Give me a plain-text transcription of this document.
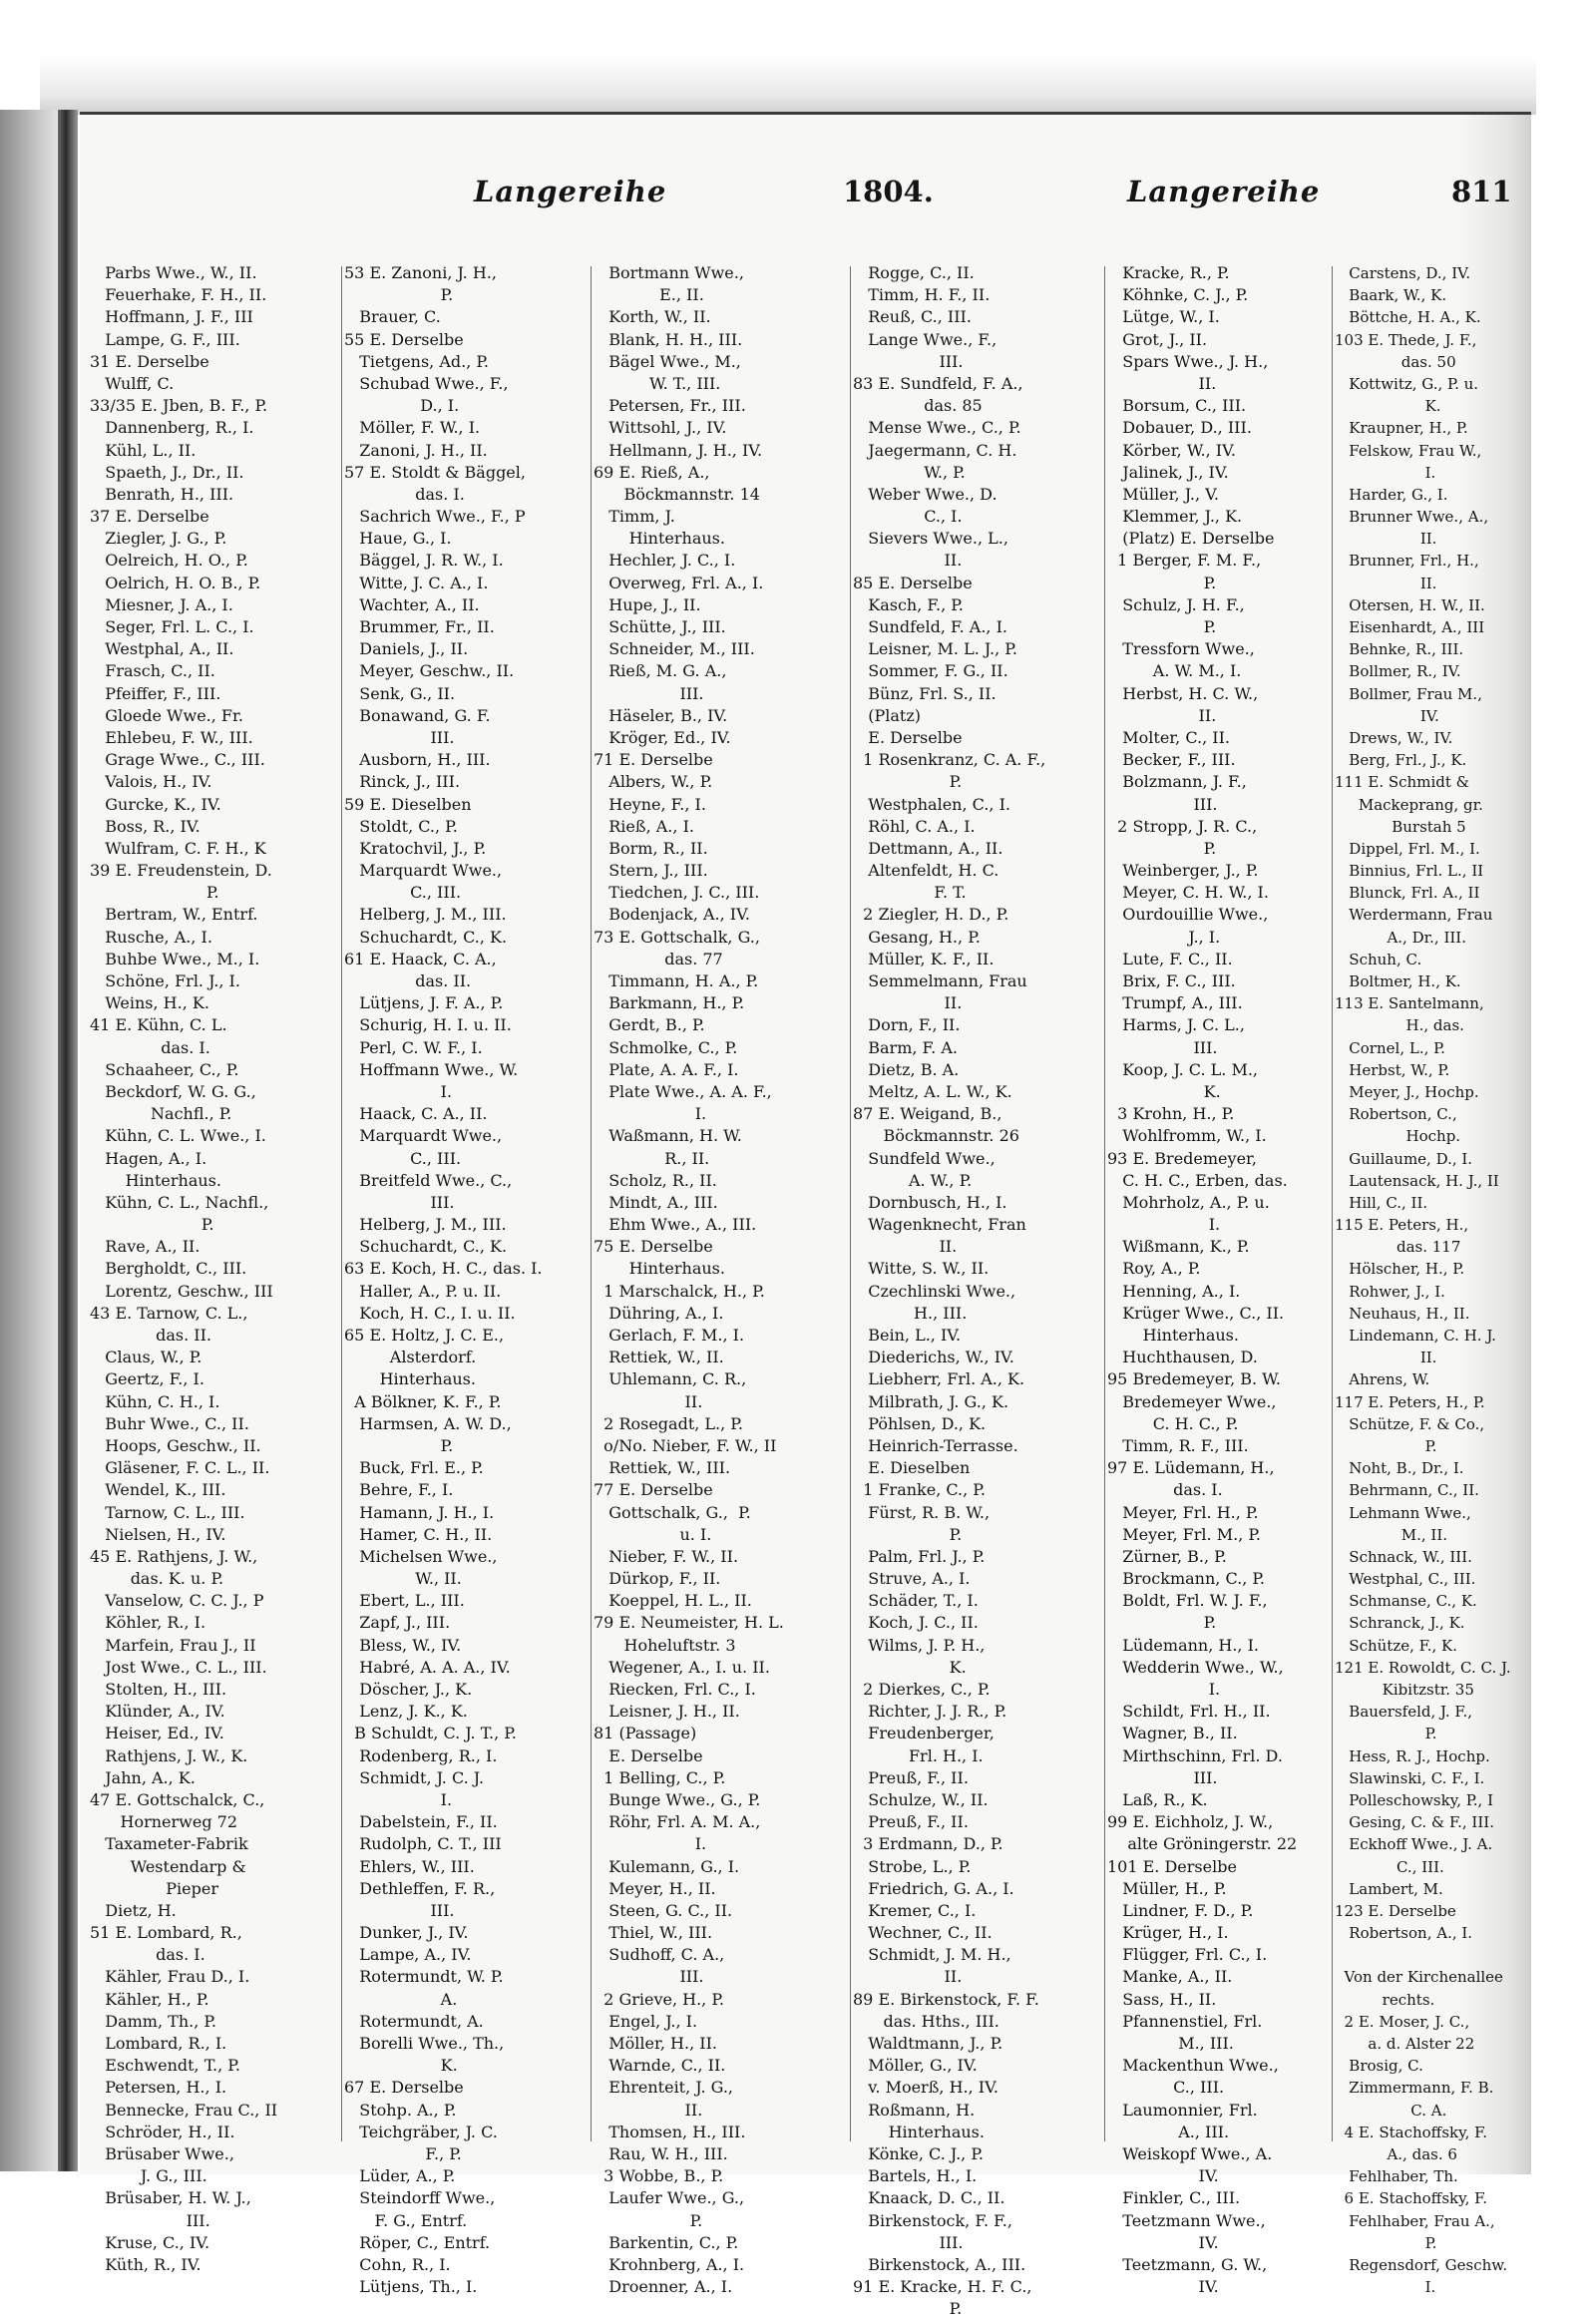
Langereihe	1804.	Langereihe	811
Parbs Wwe., W., II.
Feuerhake, F. H., II.
Hoffmann, J. F., III
Lampe, G. F., III.
31 E. Derselbe
Wulff, C.
33/35 E. Jben, B. F., P.
Dannenberg, R., I.
Kühl, L., II.
Spaeth, J., Dr., II.
Benrath, H., III.
37 E. Derselbe
Ziegler, J. G., P.
Oelreich, H. O., P.
Oelrich, H. O. B., P.
Miesner, J. A., I.
Seger, Frl. L. C., I.
Westphal, A., II.
Frasch, C., II.
Pfeiffer, F., III.
Gloede Wwe., Fr.
Ehlebeu, F. W., III.
Grage Wwe., C., III.
Valois, H., IV.
Gurcke, K., IV.
Boss, R., IV.
Wulfram, C. F. H., K
39 E. Freudenstein, D.
P.
Bertram, W., Entrf.
Rusche, A., I.
Buhbe Wwe., M., I.
Schöne, Frl. J., I.
Weins, H., K.
41 E. Kühn, C. L.
das. I.
Schaaheer, C., P.
Beckdorf, W. G. G.,
Nachfl., P.
Kühn, C. L. Wwe., I.
Hagen, A., I.
Hinterhaus.
Kühn, C. L., Nachfl.,
P.
Rave, A., II.
Bergholdt, C., III.
Lorentz, Geschw., III
43 E. Tarnow, C. L.,
das. II.
Claus, W., P.
Geertz, F., I.
Kühn, C. H., I.
Buhr Wwe., C., II.
Hoops, Geschw., II.
Gläsener, F. C. L., II.
Wendel, K., III.
Tarnow, C. L., III.
Nielsen, H., IV.
45 E. Rathjens, J. W.,
das. K. u. P.
Vanselow, C. C. J., P
Köhler, R., I.
Marfein, Frau J., II
Jost Wwe., C. L., III.
Stolten, H., III.
Klünder, A., IV.
Heiser, Ed., IV.
Rathjens, J. W., K.
Jahn, A., K.
47 E. Gottschalck, C.,
Hornerweg 72
Taxameter-Fabrik
Westendarp &
Pieper
Dietz, H.
51 E. Lombard, R.,
das. I.
Kähler, Frau D., I.
Kähler, H., P.
Damm, Th., P.
Lombard, R., I.
Eschwendt, T., P.
Petersen, H., I.
Bennecke, Frau C., II
Schröder, H., II.
Brüsaber Wwe.,
J. G., III.
Brüsaber, H. W. J.,
III.
Kruse, C., IV.
Küth, R., IV.
53 E. Zanoni, J. H.,
P.
Brauer, C.
55 E. Derselbe
Tietgens, Ad., P.
Schubad Wwe., F.,
D., I.
Möller, F. W., I.
Zanoni, J. H., II.
57 E. Stoldt & Bäggel,
das. I.
Sachrich Wwe., F., P
Haue, G., I.
Bäggel, J. R. W., I.
Witte, J. C. A., I.
Wachter, A., II.
Brummer, Fr., II.
Daniels, J., II.
Meyer, Geschw., II.
Senk, G., II.
Bonawand, G. F.
III.
Ausborn, H., III.
Rinck, J., III.
59 E. Dieselben
Stoldt, C., P.
Kratochvil, J., P.
Marquardt Wwe.,
C., III.
Helberg, J. M., III.
Schuchardt, C., K.
61 E. Haack, C. A.,
das. II.
Lütjens, J. F. A., P.
Schurig, H. I. u. II.
Perl, C. W. F., I.
Hoffmann Wwe., W.
I.
Haack, C. A., II.
Marquardt Wwe.,
C., III.
Breitfeld Wwe., C.,
III.
Helberg, J. M., III.
Schuchardt, C., K.
63 E. Koch, H. C., das. I.
Haller, A., P. u. II.
Koch, H. C., I. u. II.
65 E. Holtz, J. C. E.,
Alsterdorf.
Hinterhaus.
A Bölkner, K. F., P.
Harmsen, A. W. D.,
P.
Buck, Frl. E., P.
Behre, F., I.
Hamann, J. H., I.
Hamer, C. H., II.
Michelsen Wwe.,
W., II.
Ebert, L., III.
Zapf, J., III.
Bless, W., IV.
Habré, A. A. A., IV.
Döscher, J., K.
Lenz, J. K., K.
B Schuldt, C. J. T., P.
Rodenberg, R., I.
Schmidt, J. C. J.
I.
Dabelstein, F., II.
Rudolph, C. T., III
Ehlers, W., III.
Dethleffen, F. R.,
III.
Dunker, J., IV.
Lampe, A., IV.
Rotermundt, W. P.
A.
Rotermundt, A.
Borelli Wwe., Th.,
K.
67 E. Derselbe
Stohp. A., P.
Teichgräber, J. C.
F., P.
Lüder, A., P.
Steindorff Wwe.,
F. G., Entrf.
Röper, C., Entrf.
Cohn, R., I.
Lütjens, Th., I.
Bortmann Wwe.,
E., II.
Korth, W., II.
Blank, H. H., III.
Bägel Wwe., M.,
W. T., III.
Petersen, Fr., III.
Wittsohl, J., IV.
Hellmann, J. H., IV.
69 E. Rieß, A.,
Böckmannstr. 14
Timm, J.
Hinterhaus.
Hechler, J. C., I.
Overweg, Frl. A., I.
Hupe, J., II.
Schütte, J., III.
Schneider, M., III.
Rieß, M. G. A.,
III.
Häseler, B., IV.
Kröger, Ed., IV.
71 E. Derselbe
Albers, W., P.
Heyne, F., I.
Rieß, A., I.
Borm, R., II.
Stern, J., III.
Tiedchen, J. C., III.
Bodenjack, A., IV.
73 E. Gottschalk, G.,
das. 77
Timmann, H. A., P.
Barkmann, H., P.
Gerdt, B., P.
Schmolke, C., P.
Plate, A. A. F., I.
Plate Wwe., A. A. F.,
I.
Waßmann, H. W.
R., II.
Scholz, R., II.
Mindt, A., III.
Ehm Wwe., A., III.
75 E. Derselbe
Hinterhaus.
1 Marschalck, H., P.
Dühring, A., I.
Gerlach, F. M., I.
Rettiek, W., II.
Uhlemann, C. R.,
II.
2 Rosegadt, L., P.
o/No. Nieber, F. W., II
Rettiek, W., III.
77 E. Derselbe
Gottschalk, G.,  P.
u. I.
Nieber, F. W., II.
Dürkop, F., II.
Koeppel, H. L., II.
79 E. Neumeister, H. L.
Hoheluftstr. 3
Wegener, A., I. u. II.
Riecken, Frl. C., I.
Leisner, J. H., II.
81 (Passage)
E. Derselbe
1 Belling, C., P.
Bunge Wwe., G., P.
Röhr, Frl. A. M. A.,
I.
Kulemann, G., I.
Meyer, H., II.
Steen, G. C., II.
Thiel, W., III.
Sudhoff, C. A.,
III.
2 Grieve, H., P.
Engel, J., I.
Möller, H., II.
Warnde, C., II.
Ehrenteit, J. G.,
II.
Thomsen, H., III.
Rau, W. H., III.
3 Wobbe, B., P.
Laufer Wwe., G.,
P.
Barkentin, C., P.
Krohnberg, A., I.
Droenner, A., I.
Rogge, C., II.
Timm, H. F., II.
Reuß, C., III.
Lange Wwe., F.,
III.
83 E. Sundfeld, F. A.,
das. 85
Mense Wwe., C., P.
Jaegermann, C. H.
W., P.
Weber Wwe., D.
C., I.
Sievers Wwe., L.,
II.
85 E. Derselbe
Kasch, F., P.
Sundfeld, F. A., I.
Leisner, M. L. J., P.
Sommer, F. G., II.
Bünz, Frl. S., II.
(Platz)
E. Derselbe
1 Rosenkranz, C. A. F.,
P.
Westphalen, C., I.
Röhl, C. A., I.
Dettmann, A., II.
Altenfeldt, H. C.
F. T.
2 Ziegler, H. D., P.
Gesang, H., P.
Müller, K. F., II.
Semmelmann, Frau
II.
Dorn, F., II.
Barm, F. A.
Dietz, B. A.
Meltz, A. L. W., K.
87 E. Weigand, B.,
Böckmannstr. 26
Sundfeld Wwe.,
A. W., P.
Dornbusch, H., I.
Wagenknecht, Fran
II.
Witte, S. W., II.
Czechlinski Wwe.,
H., III.
Bein, L., IV.
Diederichs, W., IV.
Liebherr, Frl. A., K.
Milbrath, J. G., K.
Pöhlsen, D., K.
Heinrich-Terrasse.
E. Dieselben
1 Franke, C., P.
Fürst, R. B. W.,
P.
Palm, Frl. J., P.
Struve, A., I.
Schäder, T., I.
Koch, J. C., II.
Wilms, J. P. H.,
K.
2 Dierkes, C., P.
Richter, J. J. R., P.
Freudenberger,
Frl. H., I.
Preuß, F., II.
Schulze, W., II.
Preuß, F., II.
3 Erdmann, D., P.
Strobe, L., P.
Friedrich, G. A., I.
Kremer, C., I.
Wechner, C., II.
Schmidt, J. M. H.,
II.
89 E. Birkenstock, F. F.
das. Hths., III.
Waldtmann, J., P.
Möller, G., IV.
v. Moerß, H., IV.
Roßmann, H.
Hinterhaus.
Könke, C. J., P.
Bartels, H., I.
Knaack, D. C., II.
Birkenstock, F. F.,
III.
Birkenstock, A., III.
91 E. Kracke, H. F. C.,
P.
Kracke, R., P.
Köhnke, C. J., P.
Lütge, W., I.
Grot, J., II.
Spars Wwe., J. H.,
II.
Borsum, C., III.
Dobauer, D., III.
Körber, W., IV.
Jalinek, J., IV.
Müller, J., V.
Klemmer, J., K.
(Platz) E. Derselbe
1 Berger, F. M. F.,
P.
Schulz, J. H. F.,
P.
Tressforn Wwe.,
A. W. M., I.
Herbst, H. C. W.,
II.
Molter, C., II.
Becker, F., III.
Bolzmann, J. F.,
III.
2 Stropp, J. R. C.,
P.
Weinberger, J., P.
Meyer, C. H. W., I.
Ourdouillie Wwe.,
J., I.
Lute, F. C., II.
Brix, F. C., III.
Trumpf, A., III.
Harms, J. C. L.,
III.
Koop, J. C. L. M.,
K.
3 Krohn, H., P.
Wohlfromm, W., I.
93 E. Bredemeyer,
C. H. C., Erben, das.
Mohrholz, A., P. u.
I.
Wißmann, K., P.
Roy, A., P.
Henning, A., I.
Krüger Wwe., C., II.
Hinterhaus.
Huchthausen, D.
95 Bredemeyer, B. W.
Bredemeyer Wwe.,
C. H. C., P.
Timm, R. F., III.
97 E. Lüdemann, H.,
das. I.
Meyer, Frl. H., P.
Meyer, Frl. M., P.
Zürner, B., P.
Brockmann, C., P.
Boldt, Frl. W. J. F.,
P.
Lüdemann, H., I.
Wedderin Wwe., W.,
I.
Schildt, Frl. H., II.
Wagner, B., II.
Mirthschinn, Frl. D.
III.
Laß, R., K.
99 E. Eichholz, J. W.,
alte Gröningerstr. 22
101 E. Derselbe
Müller, H., P.
Lindner, F. D., P.
Krüger, H., I.
Flügger, Frl. C., I.
Manke, A., II.
Sass, H., II.
Pfannenstiel, Frl.
M., III.
Mackenthun Wwe.,
C., III.
Laumonnier, Frl.
A., III.
Weiskopf Wwe., A.
IV.
Finkler, C., III.
Teetzmann Wwe.,
IV.
Teetzmann, G. W.,
IV.
Carstens, D., IV.
Baark, W., K.
Böttche, H. A., K.
103 E. Thede, J. F.,
das. 50
Kottwitz, G., P. u.
K.
Kraupner, H., P.
Felskow, Frau W.,
I.
Harder, G., I.
Brunner Wwe., A.,
II.
Brunner, Frl., H.,
II.
Otersen, H. W., II.
Eisenhardt, A., III
Behnke, R., III.
Bollmer, R., IV.
Bollmer, Frau M.,
IV.
Drews, W., IV.
Berg, Frl., J., K.
111 E. Schmidt &
Mackeprang, gr.
Burstah 5
Dippel, Frl. M., I.
Binnius, Frl. L., II
Blunck, Frl. A., II
Werdermann, Frau
A., Dr., III.
Schuh, C.
Boltmer, H., K.
113 E. Santelmann,
H., das.
Cornel, L., P.
Herbst, W., P.
Meyer, J., Hochp.
Robertson, C.,
Hochp.
Guillaume, D., I.
Lautensack, H. J., II
Hill, C., II.
115 E. Peters, H.,
das. 117
Hölscher, H., P.
Rohwer, J., I.
Neuhaus, H., II.
Lindemann, C. H. J.
II.
Ahrens, W.
117 E. Peters, H., P.
Schütze, F. & Co.,
P.
Noht, B., Dr., I.
Behrmann, C., II.
Lehmann Wwe.,
M., II.
Schnack, W., III.
Westphal, C., III.
Schmanse, C., K.
Schranck, J., K.
Schütze, F., K.
121 E. Rowoldt, C. C. J.
Kibitzstr. 35
Bauersfeld, J. F.,
P.
Hess, R. J., Hochp.
Slawinski, C. F., I.
Polleschowsky, P., I
Gesing, C. & F., III.
Eckhoff Wwe., J. A.
C., III.
Lambert, M.
123 E. Derselbe
Robertson, A., I.
Von der Kirchenallee
rechts.
2 E. Moser, J. C.,
a. d. Alster 22
Brosig, C.
Zimmermann, F. B.
C. A.
4 E. Stachoffsky, F.
A., das. 6
Fehlhaber, Th.
6 E. Stachoffsky, F.
Fehlhaber, Frau A.,
P.
Regensdorf, Geschw.
I.
